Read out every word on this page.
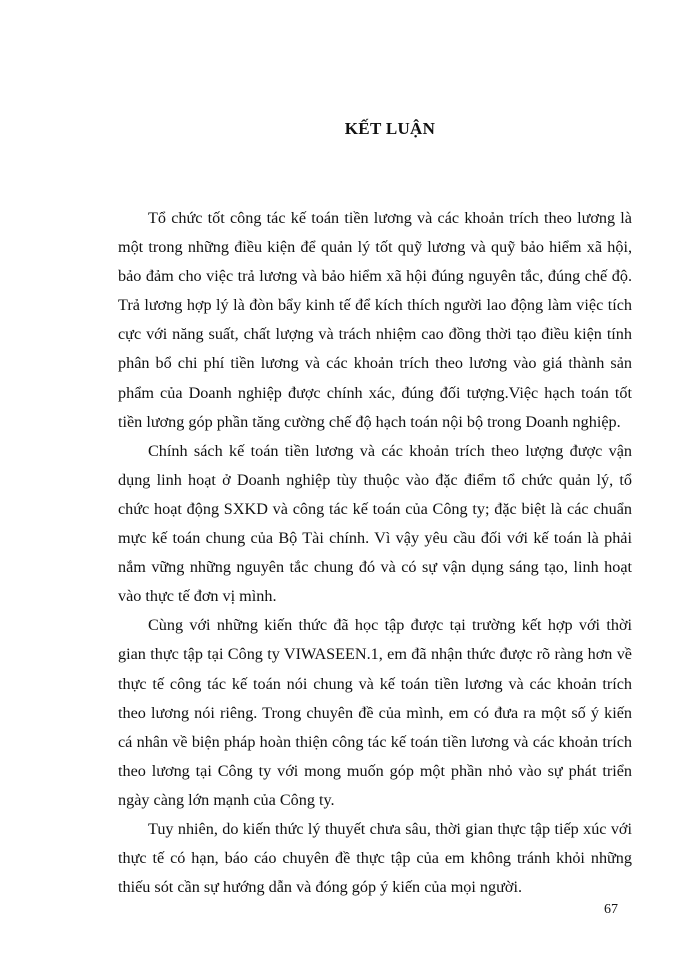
KẾT LUẬN

Tổ chức tốt công tác kế toán tiền lương và các khoản trích theo lương là một trong những điều kiện để quản lý tốt quỹ lương và quỹ bảo hiểm xã hội, bảo đảm cho việc trả lương và bảo hiểm xã hội đúng nguyên tắc, đúng chế độ. Trả lương hợp lý là đòn bẩy kinh tế để kích thích người lao động làm việc tích cực với năng suất, chất lượng và trách nhiệm cao đồng thời tạo điều kiện tính phân bổ chi phí tiền lương và các khoản trích theo lương vào giá thành sản phẩm của Doanh nghiệp được chính xác, đúng đối tượng.Việc hạch toán tốt tiền lương góp phần tăng cường chế độ hạch toán nội bộ trong Doanh nghiệp.

Chính sách kế toán tiền lương và các khoản trích theo lượng được vận dụng linh hoạt ở Doanh nghiệp tùy thuộc vào đặc điểm tổ chức quản lý, tổ chức hoạt động SXKD và công tác kế toán của Công ty; đặc biệt là các chuẩn mực kế toán chung của Bộ Tài chính. Vì vậy yêu cầu đối với kế toán là phải nắm vững những nguyên tắc chung đó và có sự vận dụng sáng tạo, linh hoạt vào thực tế đơn vị mình.

Cùng với những kiến thức đã học tập được tại trường kết hợp với thời gian thực tập tại Công ty VIWASEEN.1, em đã nhận thức được rõ ràng hơn về thực tế công tác kế toán nói chung và kế toán tiền lương và các khoản trích theo lương nói riêng. Trong chuyên đề của mình, em có đưa ra một số ý kiến cá nhân về biện pháp hoàn thiện công tác kế toán tiền lương và các khoản trích theo lương tại Công ty với mong muốn góp một phần nhỏ vào sự phát triển ngày càng lớn mạnh của Công ty.

Tuy nhiên, do kiến thức lý thuyết chưa sâu, thời gian thực tập tiếp xúc với thực tế có hạn, báo cáo chuyên đề thực tập của em không tránh khỏi những thiếu sót cần sự hướng dẫn và đóng góp ý kiến của mọi người.

67
